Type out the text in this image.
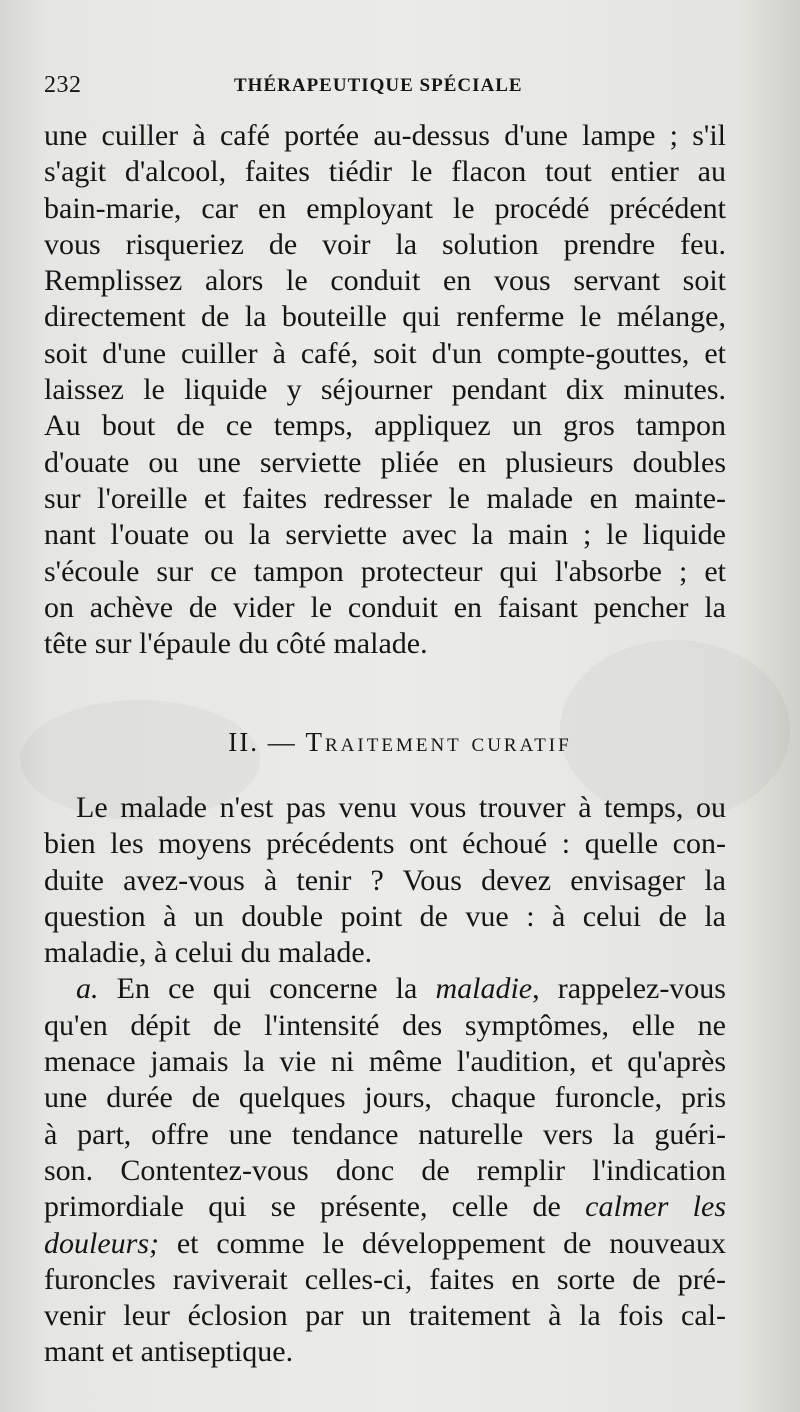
232	THÉRAPEUTIQUE SPÉCIALE
une cuiller à café portée au-dessus d'une lampe ; s'il
s'agit d'alcool, faites tiédir le flacon tout entier au
bain-marie, car en employant le procédé précédent
vous risqueriez de voir la solution prendre feu.
Remplissez alors le conduit en vous servant soit
directement de la bouteille qui renferme le mélange,
soit d'une cuiller à café, soit d'un compte-gouttes, et
laissez le liquide y séjourner pendant dix minutes.
Au bout de ce temps, appliquez un gros tampon
d'ouate ou une serviette pliée en plusieurs doubles
sur l'oreille et faites redresser le malade en mainte-
nant l'ouate ou la serviette avec la main ; le liquide
s'écoule sur ce tampon protecteur qui l'absorbe ; et
on achève de vider le conduit en faisant pencher la
tête sur l'épaule du côté malade.
II. — Traitement curatif
Le malade n'est pas venu vous trouver à temps, ou
bien les moyens précédents ont échoué : quelle con-
duite avez-vous à tenir ? Vous devez envisager la
question à un double point de vue : à celui de la
maladie, à celui du malade.
a. En ce qui concerne la maladie, rappelez-vous
qu'en dépit de l'intensité des symptômes, elle ne
menace jamais la vie ni même l'audition, et qu'après
une durée de quelques jours, chaque furoncle, pris
à part, offre une tendance naturelle vers la guéri-
son. Contentez-vous donc de remplir l'indication
primordiale qui se présente, celle de calmer les
douleurs; et comme le développement de nouveaux
furoncles raviverait celles-ci, faites en sorte de pré-
venir leur éclosion par un traitement à la fois cal-
mant et antiseptique.
